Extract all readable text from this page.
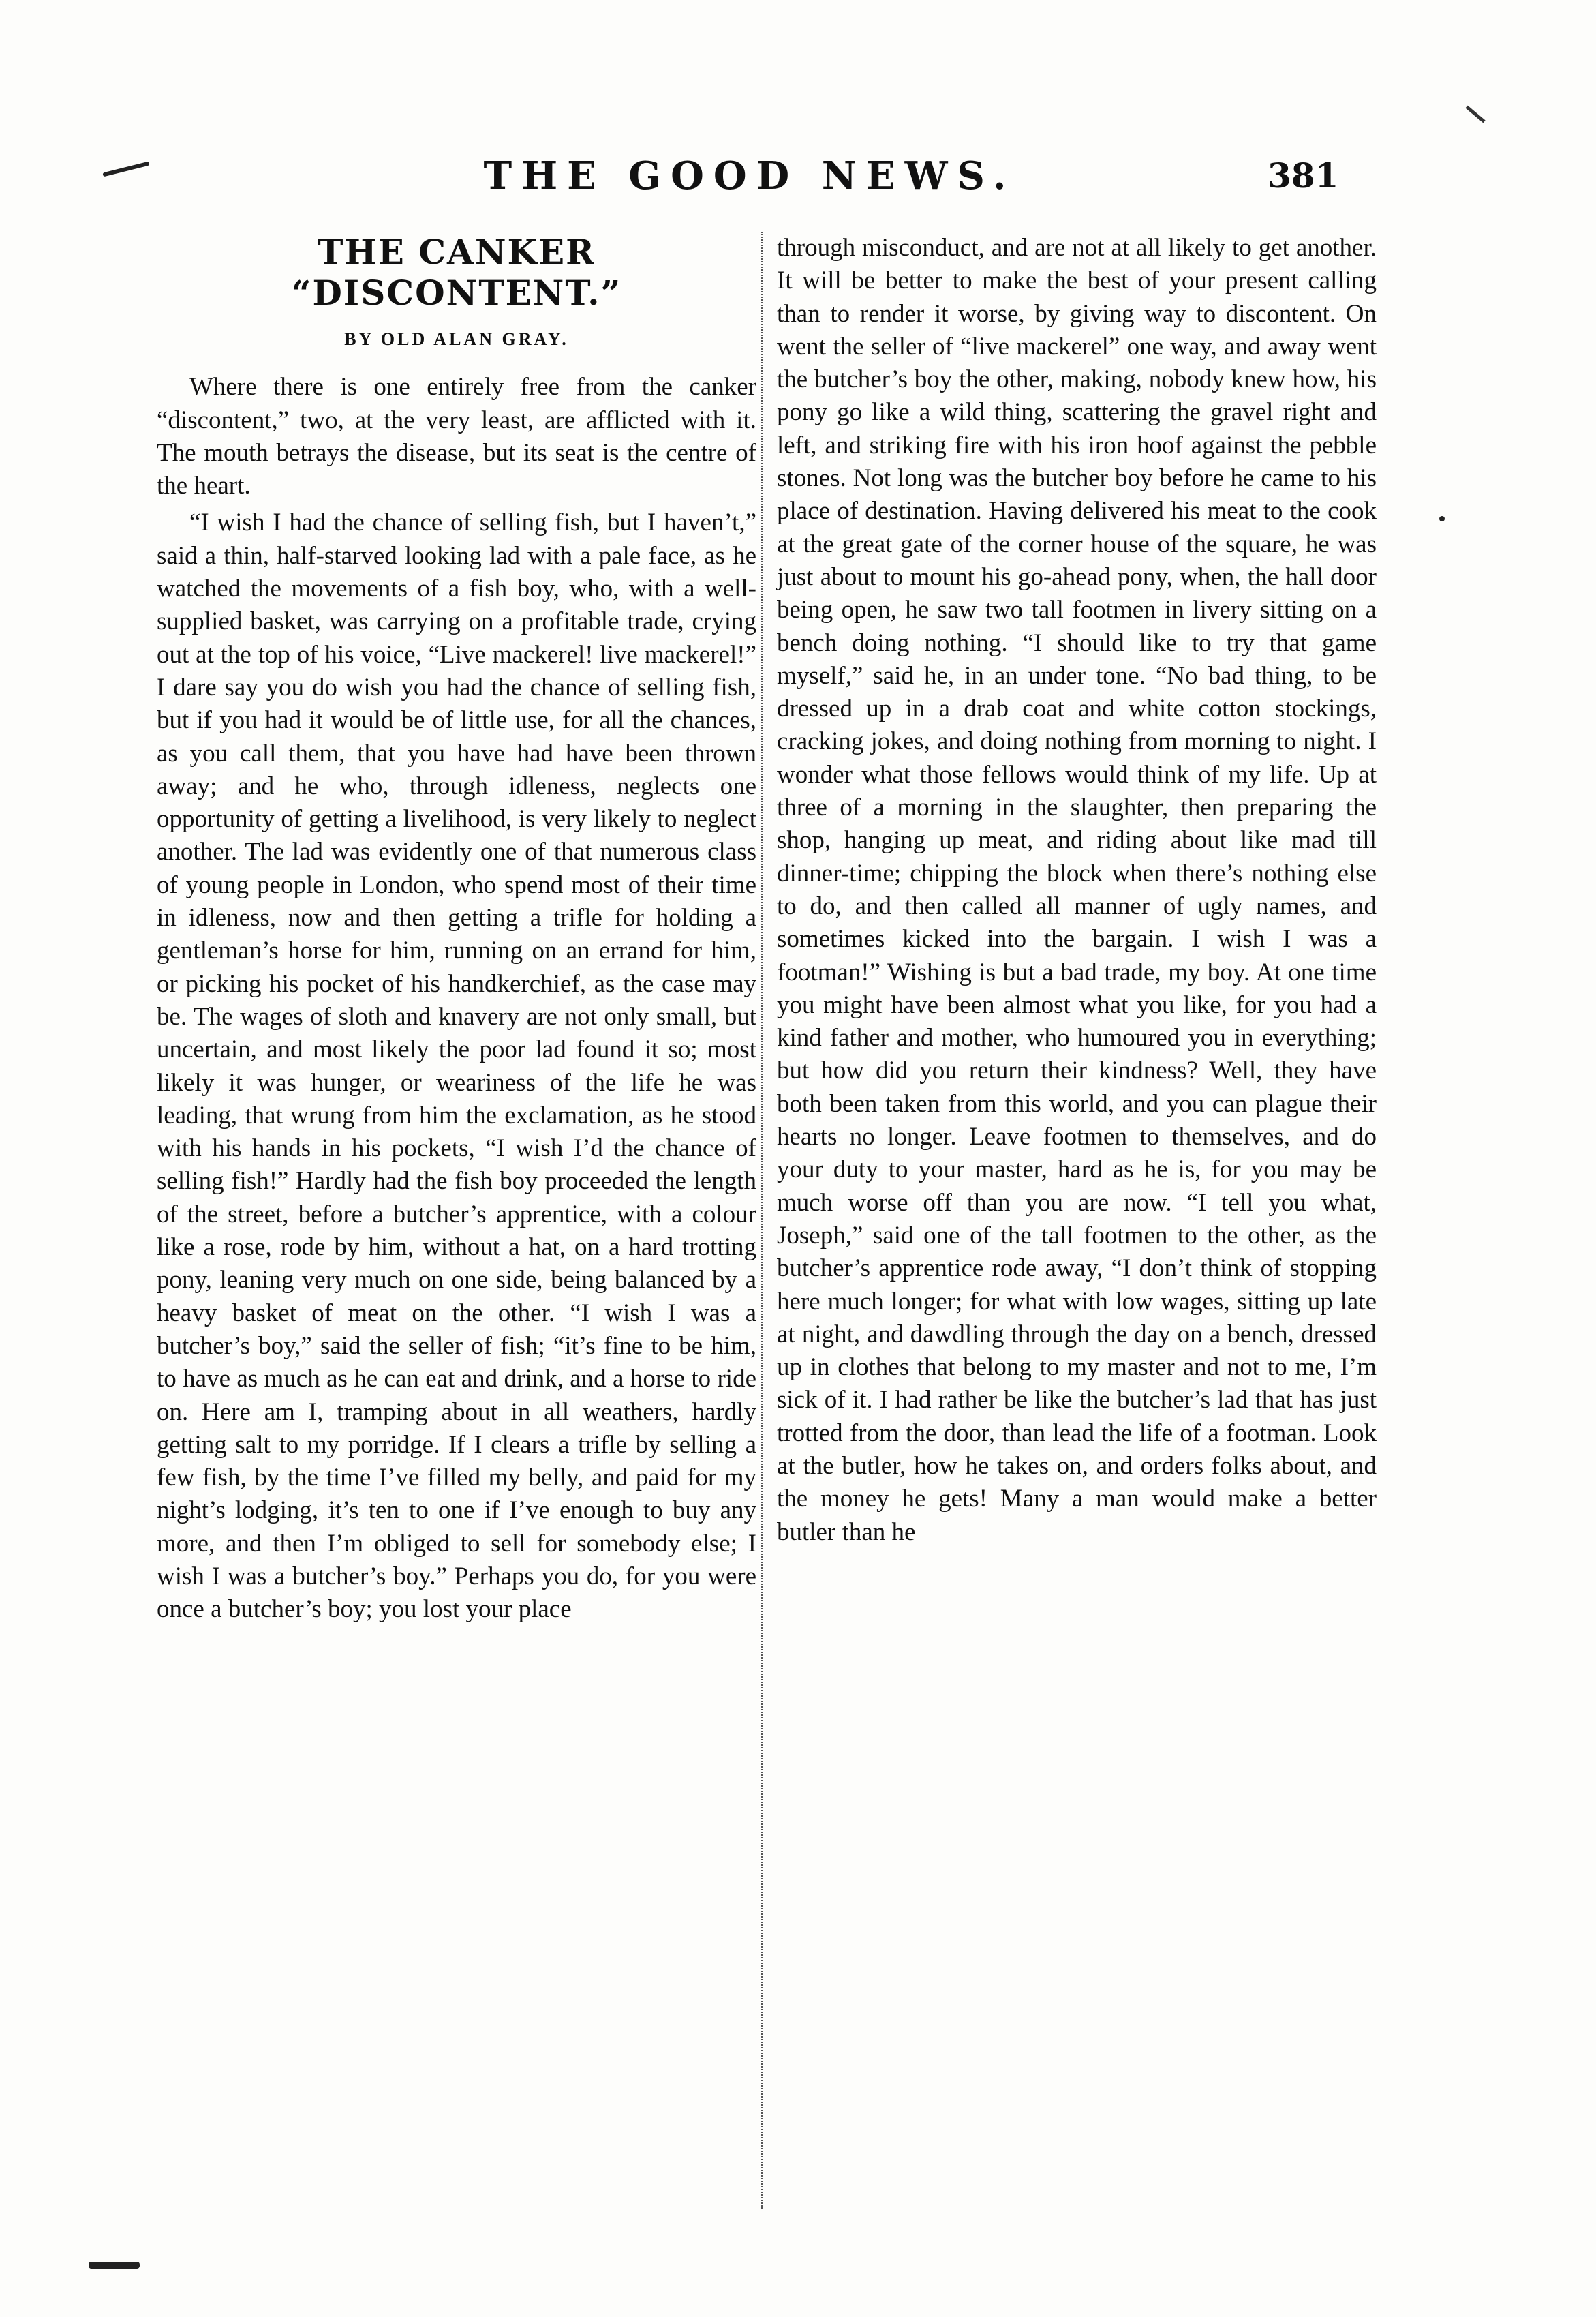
THE GOOD NEWS.	381
THE CANKER “DISCONTENT.”
BY OLD ALAN GRAY.

Where there is one entirely free from the canker “discontent,” two, at the very least, are afflicted with it. The mouth betrays the disease, but its seat is the centre of the heart.

“I wish I had the chance of selling fish, but I haven’t,” said a thin, half-starved looking lad with a pale face, as he watched the movements of a fish boy, who, with a well-supplied basket, was carrying on a profitable trade, crying out at the top of his voice, “Live mackerel! live mackerel!” I dare say you do wish you had the chance of selling fish, but if you had it would be of little use, for all the chances, as you call them, that you have had have been thrown away; and he who, through idleness, neglects one opportunity of getting a livelihood, is very likely to neglect another. The lad was evidently one of that numerous class of young people in London, who spend most of their time in idleness, now and then getting a trifle for holding a gentleman’s horse for him, running on an errand for him, or picking his pocket of his handkerchief, as the case may be. The wages of sloth and knavery are not only small, but uncertain, and most likely the poor lad found it so; most likely it was hunger, or weariness of the life he was leading, that wrung from him the exclamation, as he stood with his hands in his pockets, “I wish I’d the chance of selling fish!” Hardly had the fish boy proceeded the length of the street, before a butcher’s apprentice, with a colour like a rose, rode by him, without a hat, on a hard trotting pony, leaning very much on one side, being balanced by a heavy basket of meat on the other. “I wish I was a butcher’s boy,” said the seller of fish; “it’s fine to be him, to have as much as he can eat and drink, and a horse to ride on. Here am I, tramping about in all weathers, hardly getting salt to my porridge. If I clears a trifle by selling a few fish, by the time I’ve filled my belly, and paid for my night’s lodging, it’s ten to one if I’ve enough to buy any more, and then I’m obliged to sell for somebody else; I wish I was a butcher’s boy.” Perhaps you do, for you were once a butcher’s boy; you lost your place

through misconduct, and are not at all likely to get another. It will be better to make the best of your present calling than to render it worse, by giving way to discontent. On went the seller of “live mackerel” one way, and away went the butcher’s boy the other, making, nobody knew how, his pony go like a wild thing, scattering the gravel right and left, and striking fire with his iron hoof against the pebble stones. Not long was the butcher boy before he came to his place of destination. Having delivered his meat to the cook at the great gate of the corner house of the square, he was just about to mount his go-ahead pony, when, the hall door being open, he saw two tall footmen in livery sitting on a bench doing nothing. “I should like to try that game myself,” said he, in an under tone. “No bad thing, to be dressed up in a drab coat and white cotton stockings, cracking jokes, and doing nothing from morning to night. I wonder what those fellows would think of my life. Up at three of a morning in the slaughter, then preparing the shop, hanging up meat, and riding about like mad till dinner-time; chipping the block when there’s nothing else to do, and then called all manner of ugly names, and sometimes kicked into the bargain. I wish I was a footman!” Wishing is but a bad trade, my boy. At one time you might have been almost what you like, for you had a kind father and mother, who humoured you in everything; but how did you return their kindness? Well, they have both been taken from this world, and you can plague their hearts no longer. Leave footmen to themselves, and do your duty to your master, hard as he is, for you may be much worse off than you are now. “I tell you what, Joseph,” said one of the tall footmen to the other, as the butcher’s apprentice rode away, “I don’t think of stopping here much longer; for what with low wages, sitting up late at night, and dawdling through the day on a bench, dressed up in clothes that belong to my master and not to me, I’m sick of it. I had rather be like the butcher’s lad that has just trotted from the door, than lead the life of a footman. Look at the butler, how he takes on, and orders folks about, and the money he gets! Many a man would make a better butler than he
